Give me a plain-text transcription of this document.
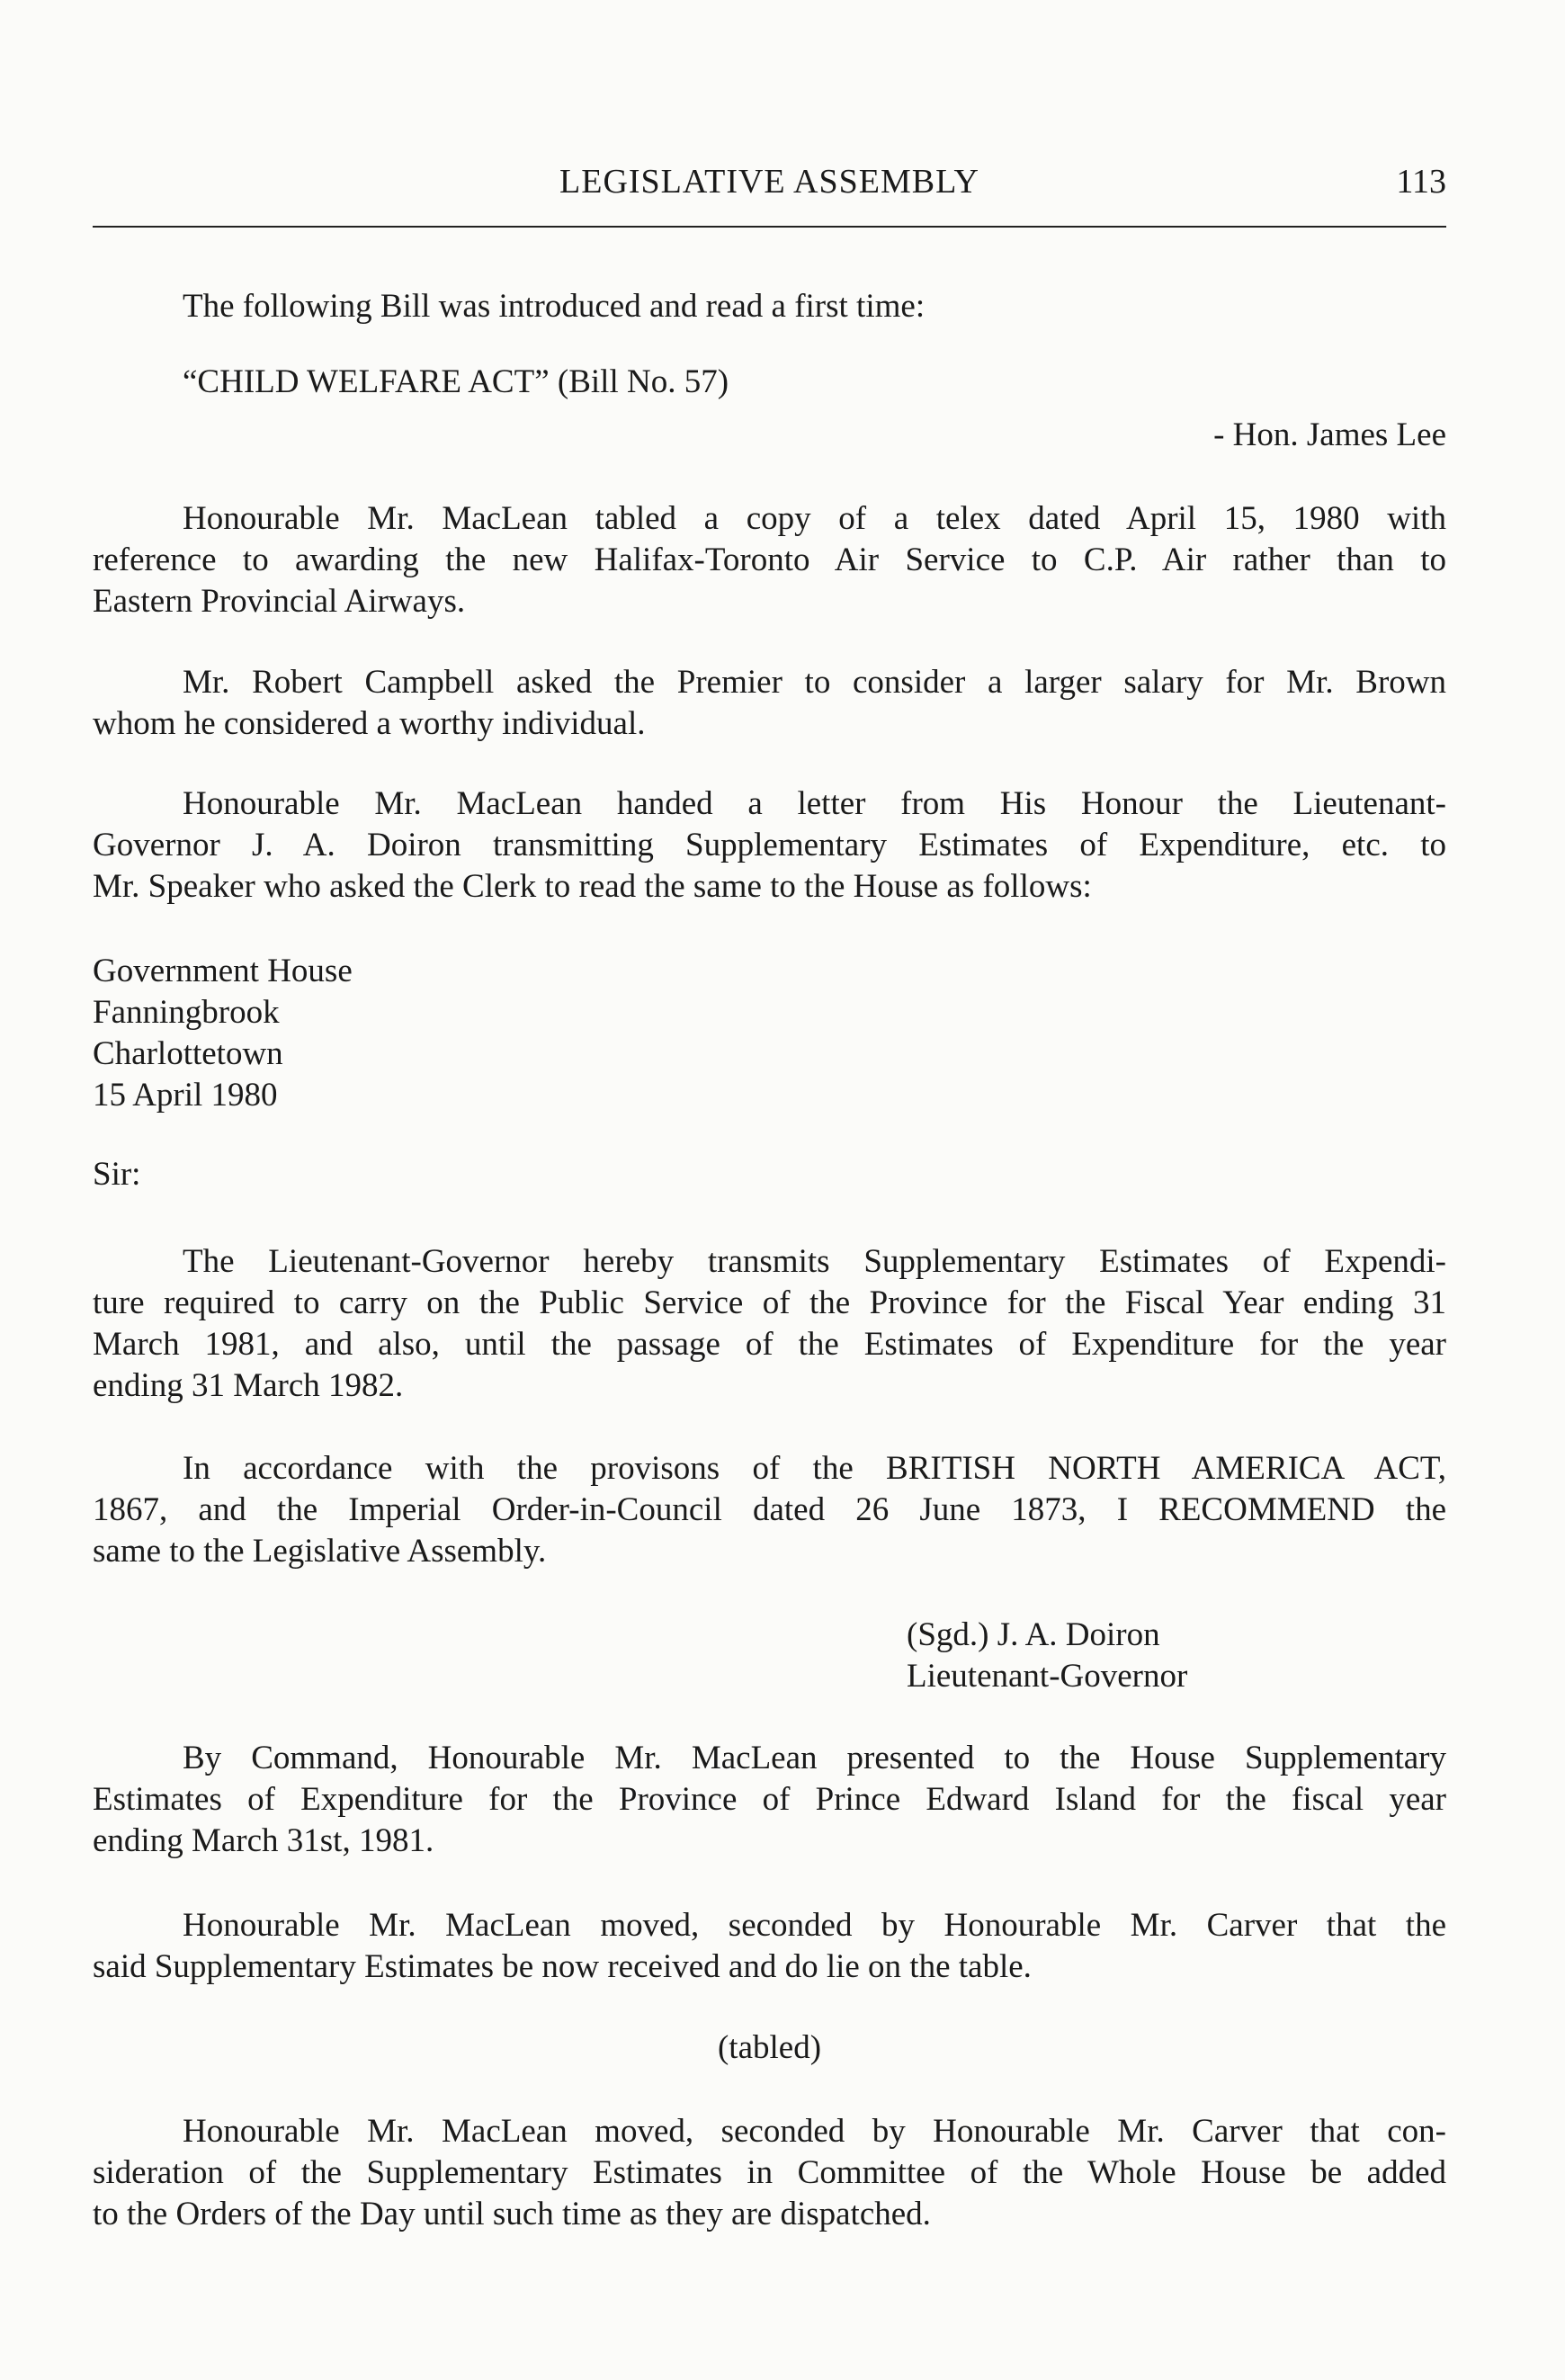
LEGISLATIVE ASSEMBLY	113
The following Bill was introduced and read a first time:
“CHILD WELFARE ACT” (Bill No. 57)
- Hon. James Lee
Honourable Mr. MacLean tabled a copy of a telex dated April 15, 1980 with
reference to awarding the new Halifax-Toronto Air Service to C.P. Air rather than to
Eastern Provincial Airways.
Mr. Robert Campbell asked the Premier to consider a larger salary for Mr. Brown
whom he considered a worthy individual.
Honourable Mr. MacLean handed a letter from His Honour the Lieutenant-
Governor J. A. Doiron transmitting Supplementary Estimates of Expenditure, etc. to
Mr. Speaker who asked the Clerk to read the same to the House as follows:
Government House
Fanningbrook
Charlottetown
15 April 1980
Sir:
The Lieutenant-Governor hereby transmits Supplementary Estimates of Expendi-
ture required to carry on the Public Service of the Province for the Fiscal Year ending 31
March 1981, and also, until the passage of the Estimates of Expenditure for the year
ending 31 March 1982.
In accordance with the provisons of the BRITISH NORTH AMERICA ACT,
1867, and the Imperial Order-in-Council dated 26 June 1873, I RECOMMEND the
same to the Legislative Assembly.
(Sgd.) J. A. Doiron
Lieutenant-Governor
By Command, Honourable Mr. MacLean presented to the House Supplementary
Estimates of Expenditure for the Province of Prince Edward Island for the fiscal year
ending March 31st, 1981.
Honourable Mr. MacLean moved, seconded by Honourable Mr. Carver that the
said Supplementary Estimates be now received and do lie on the table.
(tabled)
Honourable Mr. MacLean moved, seconded by Honourable Mr. Carver that con-
sideration of the Supplementary Estimates in Committee of the Whole House be added
to the Orders of the Day until such time as they are dispatched.
